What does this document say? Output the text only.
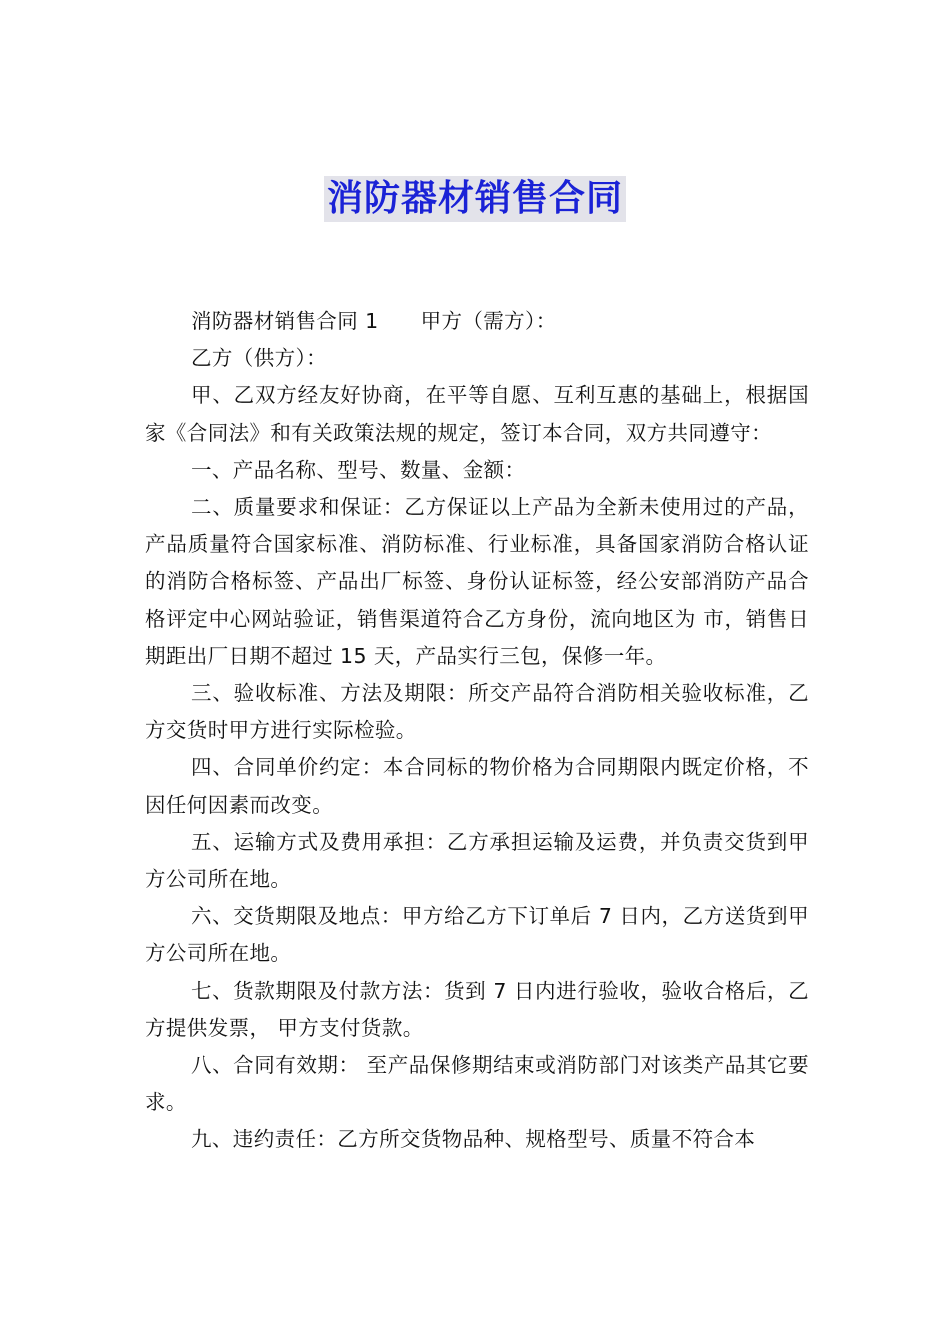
消防器材销售合同

消防器材销售合同 1 甲方（需方）：

乙方（供方）：

甲、乙双方经友好协商，在平等自愿、互利互惠的基础上，根据国家《合同法》和有关政策法规的规定，签订本合同，双方共同遵守：

一、产品名称、型号、数量、金额：

二、质量要求和保证：乙方保证以上产品为全新未使用过的产品，产品质量符合国家标准、消防标准、行业标准，具备国家消防合格认证的消防合格标签、产品出厂标签、身份认证标签，经公安部消防产品合格评定中心网站验证，销售渠道符合乙方身份，流向地区为 市，销售日期距出厂日期不超过 15 天，产品实行三包，保修一年。

三、验收标准、方法及期限：所交产品符合消防相关验收标准，乙方交货时甲方进行实际检验。

四、合同单价约定：本合同标的物价格为合同期限内既定价格，不因任何因素而改变。

五、运输方式及费用承担：乙方承担运输及运费，并负责交货到甲方公司所在地。

六、交货期限及地点：甲方给乙方下订单后 7 日内，乙方送货到甲方公司所在地。

七、货款期限及付款方法：货到 7 日内进行验收，验收合格后，乙方提供发票， 甲方支付货款。

八、合同有效期： 至产品保修期结束或消防部门对该类产品其它要求。

九、违约责任：乙方所交货物品种、规格型号、质量不符合本
